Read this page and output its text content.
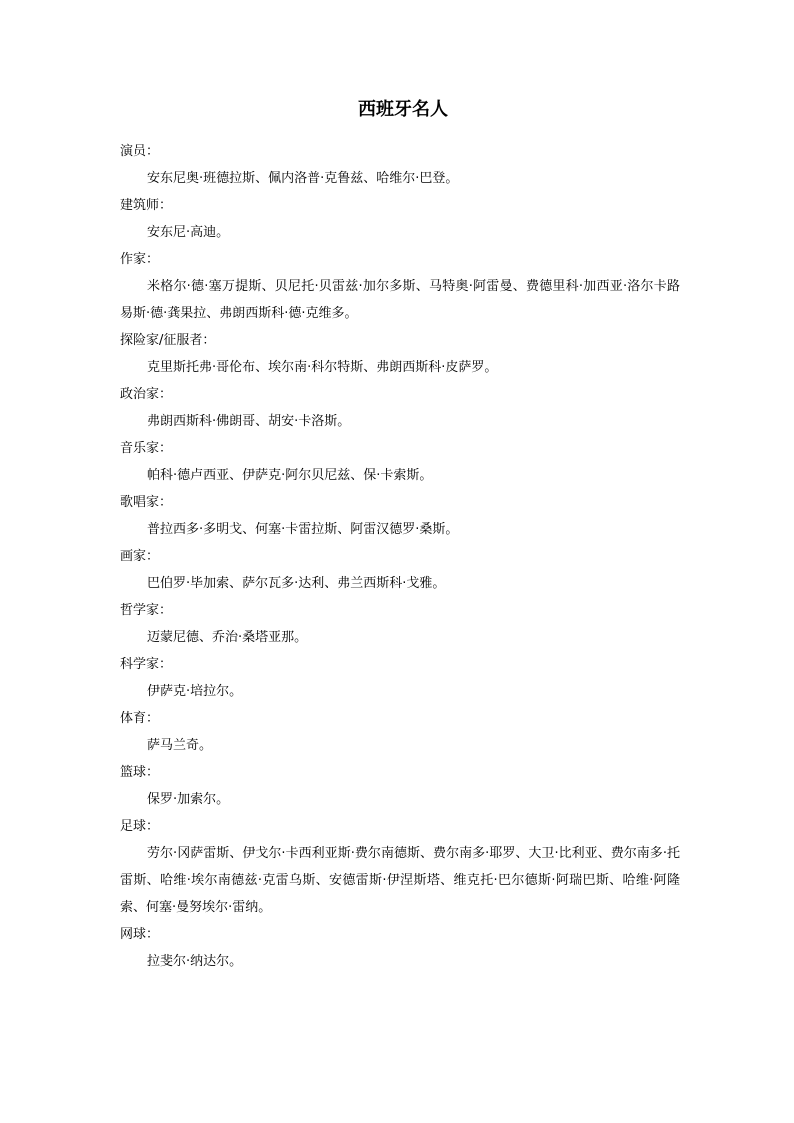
西班牙名人

演员：

安东尼奥·班德拉斯、佩内洛普·克鲁兹、哈维尔·巴登。

建筑师：

安东尼·高迪。

作家：

米格尔·德·塞万提斯、贝尼托·贝雷兹·加尔多斯、马特奥·阿雷曼、费德里科·加西亚·洛尔卡路易斯·德·龚果拉、弗朗西斯科·德·克维多。

探险家/征服者：

克里斯托弗·哥伦布、埃尔南·科尔特斯、弗朗西斯科·皮萨罗。

政治家：

弗朗西斯科·佛朗哥、胡安·卡洛斯。

音乐家：

帕科·德卢西亚、伊萨克·阿尔贝尼兹、保·卡索斯。

歌唱家：

普拉西多·多明戈、何塞·卡雷拉斯、阿雷汉德罗·桑斯。

画家：

巴伯罗·毕加索、萨尔瓦多·达利、弗兰西斯科·戈雅。

哲学家：

迈蒙尼德、乔治·桑塔亚那。

科学家：

伊萨克·培拉尔。

体育：

萨马兰奇。

篮球：

保罗·加索尔。

足球：

劳尔·冈萨雷斯、伊戈尔·卡西利亚斯·费尔南德斯、费尔南多·耶罗、大卫·比利亚、费尔南多·托雷斯、哈维·埃尔南德兹·克雷乌斯、安德雷斯·伊涅斯塔、维克托·巴尔德斯·阿瑞巴斯、哈维·阿隆索、何塞·曼努埃尔·雷纳。

网球：

拉斐尔·纳达尔。
